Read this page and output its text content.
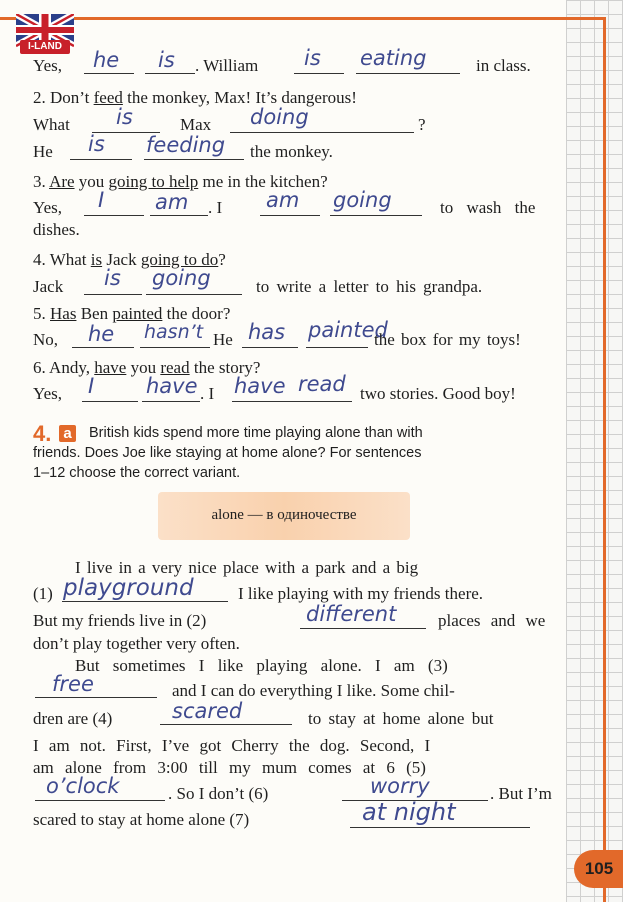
I-LAND
Yes, he is . William is eating	in class.
2. Don’t feed the monkey, Max! It’s dangerous!
What is	Max doing	?
He is feeding the monkey.
3. Are you going to help me in the kitchen?
Yes, I am . I am going	to wash the
dishes.
4. What is Jack going to do?
Jack is going	to write a letter to his grandpa.
5. Has Ben painted the door?
No, he hasn’t He has painted
the box for my toys!
6. Andy, have you read the story?
Yes, I have . I have read two stories. Good boy!
4. a British kids spend more time playing alone than with
friends. Does Joe like staying at home alone? For sentences
1–12 choose the correct variant.
alone — в одиночестве
I live in a very nice place with a park and a big
(1) playground	I like playing with my friends there.
But my friends live in (2)	different places and we
don’t play together very often.
But sometimes I like playing alone. I am (3)
free	and I can do everything I like. Some chil-
dren are (4)	scared	to stay at home alone but
I am not. First, I’ve got Cherry the dog. Second, I
am alone from 3:00 till my mum comes at 6 (5)
o’clock	. So I don’t (6)	worry	. But I’m
scared to stay at home alone (7)	at night
105
